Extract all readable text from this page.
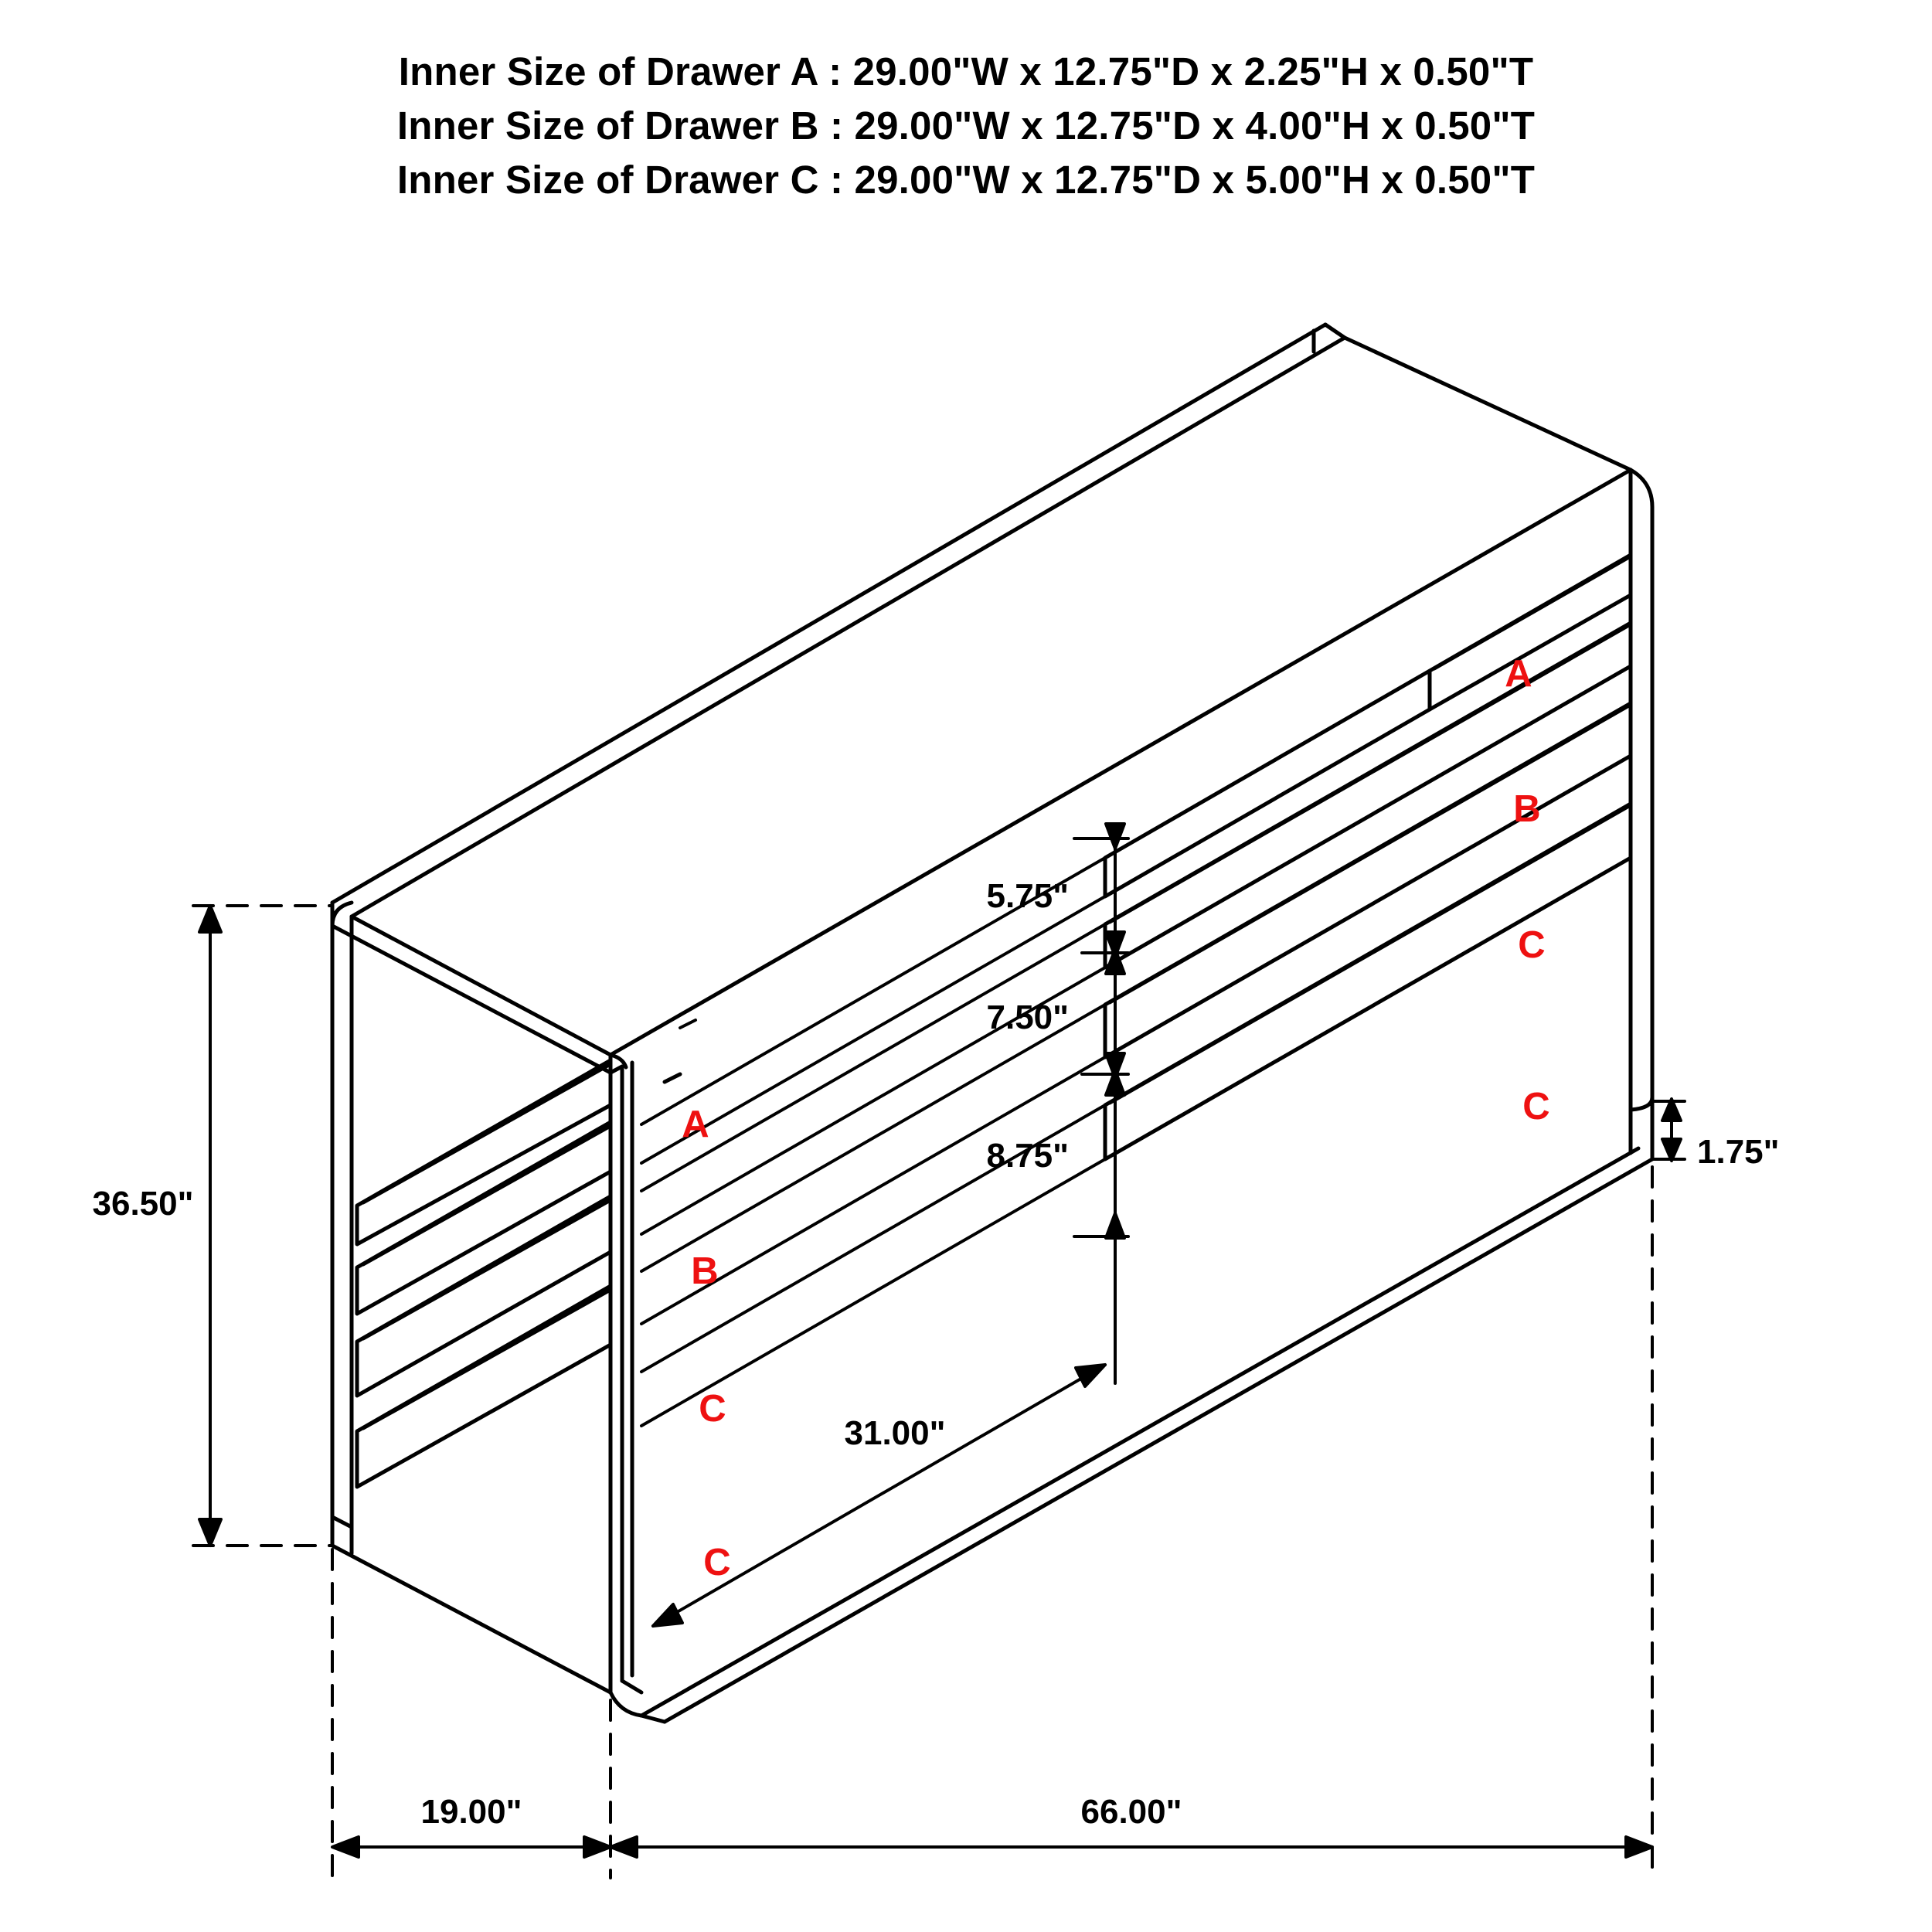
Inner Size of Drawer A : 29.00"W x 12.75"D x 2.25"H x 0.50"T
Inner Size of Drawer B : 29.00"W x 12.75"D x 4.00"H x 0.50"T
Inner Size of Drawer C : 29.00"W x 12.75"D x 5.00"H x 0.50"T
36.50"
1.75"
5.75"
7.50"
8.75"
31.00"
19.00"	66.00"
A
B
C
C
A
B
C
C
